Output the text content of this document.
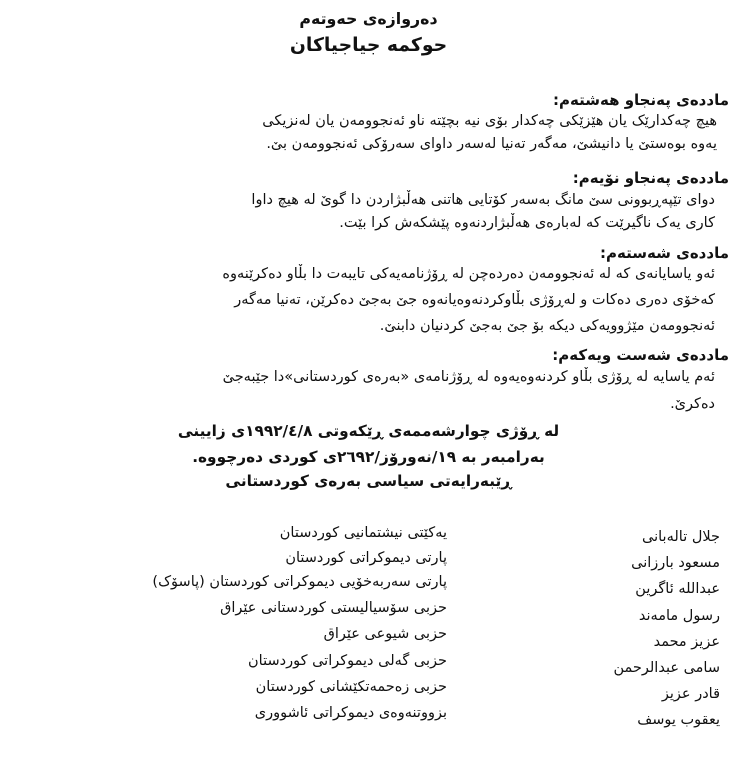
دەروازەی حەوتەم
حوکمە جیاجیاکان
ماددەی پەنجاو هەشتەم:
هیچ چەکدارێک یان هێزێکی چەکدار بۆی نیە بچێتە ناو ئەنجوومەن یان لەنزیکی
یەوە بوەستێ یا دانیشێ، مەگەر تەنیا لەسەر داوای سەرۆکی ئەنجوومەن بێ.
ماددەی پەنجاو نۆیەم:
دوای تێپەڕبوونی سێ مانگ بەسەر کۆتایی هاتنی هەڵبژاردن دا گوێ لە هیچ داوا
کاری یەک ناگیرێت کە لەبارەی هەڵبژاردنەوە پێشکەش کرا بێت.
ماددەی شەستەم:
ئەو یاسایانەی کە لە ئەنجوومەن دەردەچن لە ڕۆژنامەیەکی تایبەت دا بڵاو دەکرێنەوە
کەخۆی دەری دەکات و لەڕۆژی بڵاوکردنەوەیانەوە جێ بەجێ دەکرێن، تەنیا مەگەر
ئەنجوومەن مێژوویەکی دیکە بۆ جێ بەجێ کردنیان دابنێ.
ماددەی شەست ویەکەم:
ئەم یاسایە لە ڕۆژی بڵاو کردنەوەیەوە لە ڕۆژنامەی «بەرەی کوردستانی»دا جێبەجێ
دەکرێ.
لە ڕۆژی چوارشەممەی ڕێکەوتی ۱۹۹۲/٤/۸ی زایینی
بەرامبەر بە ۱۹/نەورۆز/۲٦۹۲ی کوردی دەرچووە.
ڕێبەرایەتی سیاسی بەرەی کوردستانی
یەکێتی نیشتمانیی کوردستان	جلال تالەبانی
پارتی دیموکراتی کوردستان	مسعود بارزانی
پارتی سەربەخۆیی دیموکراتی کوردستان (پاسۆک)	عبداللە ئاگرین
حزبی سۆسیالیستی کوردستانی عێراق	رسول مامەند
حزبی شیوعی عێراق	عزیز محمد
حزبی گەلی دیموکراتی کوردستان	سامی عبدالرحمن
حزبی زەحمەتکێشانی کوردستان	قادر عزیز
بزووتنەوەی دیموکراتی ئاشووری	یعقوب یوسف
